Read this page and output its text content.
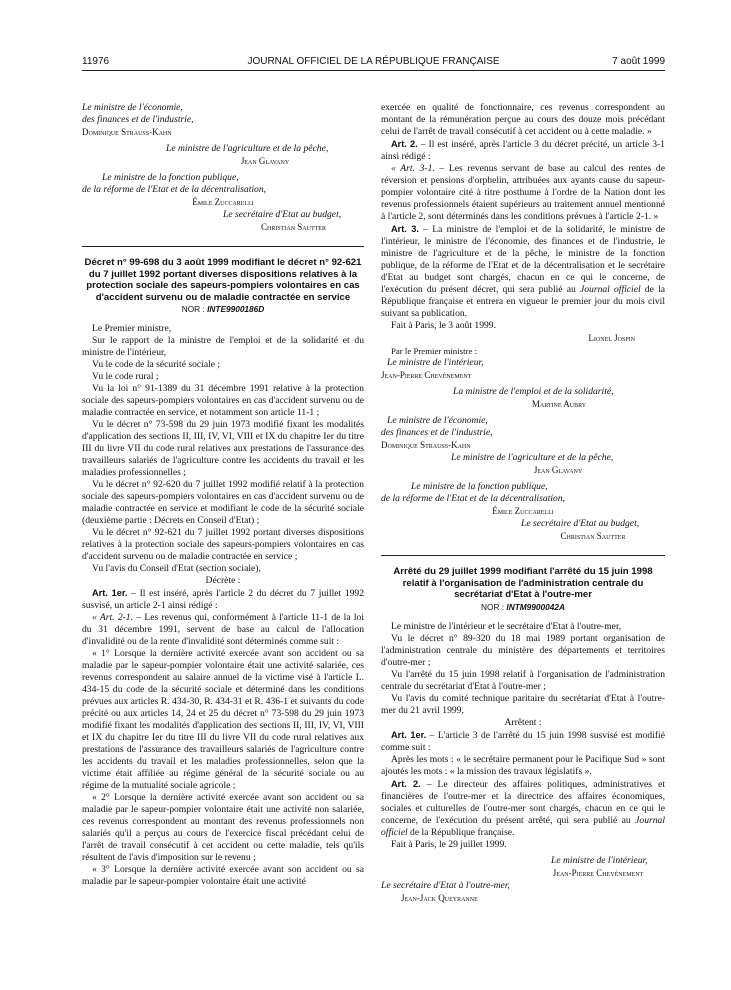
11976	JOURNAL OFFICIEL DE LA RÉPUBLIQUE FRANÇAISE	7 août 1999

Le ministre de l'économie,

des finances et de l'industrie,

Dominique Strauss-Kahn

Le ministre de l'agriculture et de la pêche,

Jean Glavany

Le ministre de la fonction publique,

de la réforme de l'Etat et de la décentralisation,

Émile Zuccarelli

Le secrétaire d'Etat au budget,

Christian Sautter

Décret n° 99-698 du 3 août 1999 modifiant le décret n° 92-621 du 7 juillet 1992 portant diverses dispositions relatives à la protection sociale des sapeurs-pompiers volontaires en cas d'accident survenu ou de maladie contractée en service

NOR : INTE9900186D

Le Premier ministre,

Sur le rapport de la ministre de l'emploi et de la solidarité et du ministre de l'intérieur,

Vu le code de la sécurité sociale ;

Vu le code rural ;

Vu la loi n° 91-1389 du 31 décembre 1991 relative à la protection sociale des sapeurs-pompiers volontaires en cas d'accident survenu ou de maladie contractée en service, et notamment son article 11-1 ;

Vu le décret n° 73-598 du 29 juin 1973 modifié fixant les modalités d'application des sections II, III, IV, VI, VIII et IX du chapitre Ier du titre III du livre VII du code rural relatives aux prestations de l'assurance des travailleurs salariés de l'agriculture contre les accidents du travail et les maladies professionnelles ;

Vu le décret n° 92-620 du 7 juillet 1992 modifié relatif à la protection sociale des sapeurs-pompiers volontaires en cas d'accident survenu ou de maladie contractée en service et modifiant le code de la sécurité sociale (deuxième partie : Décrets en Conseil d'Etat) ;

Vu le décret n° 92-621 du 7 juillet 1992 portant diverses dispositions relatives à la protection sociale des sapeurs-pompiers volontaires en cas d'accident survenu ou de maladie contractée en service ;

Vu l'avis du Conseil d'Etat (section sociale),

Décrète :

Art. 1er. – Il est inséré, après l'article 2 du décret du 7 juillet 1992 susvisé, un article 2-1 ainsi rédigé :

« Art. 2-1. – Les revenus qui, conformément à l'article 11-1 de la loi du 31 décembre 1991, servent de base au calcul de l'allocation d'invalidité ou de la rente d'invalidité sont déterminés comme suit :

« 1° Lorsque la dernière activité exercée avant son accident ou sa maladie par le sapeur-pompier volontaire était une activité salariée, ces revenus correspondent au salaire annuel de la victime visé à l'article L. 434-15 du code de la sécurité sociale et déterminé dans les conditions prévues aux articles R. 434-30, R. 434-31 et R. 436-1 et suivants du code précité ou aux articles 14, 24 et 25 du décret n° 73-598 du 29 juin 1973 modifié fixant les modalités d'application des sections II, III, IV, VI, VIII et IX du chapitre Ier du titre III du livre VII du code rural relatives aux prestations de l'assurance des travailleurs salariés de l'agriculture contre les accidents du travail et les maladies professionnelles, selon que la victime était affiliée au régime général de la sécurité sociale ou au régime de la mutualité sociale agricole ;

« 2° Lorsque la dernière activité exercée avant son accident ou sa maladie par le sapeur-pompier volontaire était une activité non salariée, ces revenus correspondent au montant des revenus professionnels non salariés qu'il a perçus au cours de l'exercice fiscal précédant celui de l'arrêt de travail consécutif à cet accident ou cette maladie, tels qu'ils résultent de l'avis d'imposition sur le revenu ;

« 3° Lorsque la dernière activité exercée avant son accident ou sa maladie par le sapeur-pompier volontaire était une activité

exercée en qualité de fonctionnaire, ces revenus correspondent au montant de la rémunération perçue au cours des douze mois précédant celui de l'arrêt de travail consécutif à cet accident ou à cette maladie. »

Art. 2. – Il est inséré, après l'article 3 du décret précité, un article 3-1 ainsi rédigé :

« Art. 3-1. – Les revenus servant de base au calcul des rentes de réversion et pensions d'orphelin, attribuées aux ayants cause du sapeur-pompier volontaire cité à titre posthume à l'ordre de la Nation dont les revenus professionnels étaient supérieurs au traitement annuel mentionné à l'article 2, sont déterminés dans les conditions prévues à l'article 2-1. »

Art. 3. – La ministre de l'emploi et de la solidarité, le ministre de l'intérieur, le ministre de l'économie, des finances et de l'industrie, le ministre de l'agriculture et de la pêche, le ministre de la fonction publique, de la réforme de l'Etat et de la décentralisation et le secrétaire d'Etat au budget sont chargés, chacun en ce qui le concerne, de l'exécution du présent décret, qui sera publié au Journal officiel de la République française et entrera en vigueur le premier jour du mois civil suivant sa publication.

Fait à Paris, le 3 août 1999.

Lionel Jospin

Par le Premier ministre :

Le ministre de l'intérieur,

Jean-Pierre Chevènement

La ministre de l'emploi et de la solidarité,

Martine Aubry

Le ministre de l'économie,

des finances et de l'industrie,

Dominique Strauss-Kahn

Le ministre de l'agriculture et de la pêche,

Jean Glavany

Le ministre de la fonction publique,

de la réforme de l'Etat et de la décentralisation,

Émile Zuccarelli

Le secrétaire d'Etat au budget,

Christian Sautter

Arrêté du 29 juillet 1999 modifiant l'arrêté du 15 juin 1998 relatif à l'organisation de l'administration centrale du secrétariat d'Etat à l'outre-mer

NOR : INTM9900042A

Le ministre de l'intérieur et le secrétaire d'Etat à l'outre-mer,

Vu le décret n° 89-320 du 18 mai 1989 portant organisation de l'administration centrale du ministère des départements et territoires d'outre-mer ;

Vu l'arrêté du 15 juin 1998 relatif à l'organisation de l'administration centrale du secrétariat d'Etat à l'outre-mer ;

Vu l'avis du comité technique paritaire du secrétariat d'Etat à l'outre-mer du 21 avril 1999,

Arrêtent :

Art. 1er. – L'article 3 de l'arrêté du 15 juin 1998 susvisé est modifié comme suit :

Après les mots : « le secrétaire permanent pour le Pacifique Sud » sont ajoutés les mots : « la mission des travaux législatifs ».

Art. 2. – Le directeur des affaires politiques, administratives et financières de l'outre-mer et la directrice des affaires économiques, sociales et culturelles de l'outre-mer sont chargés, chacun en ce qui le concerne, de l'exécution du présent arrêté, qui sera publié au Journal officiel de la République française.

Fait à Paris, le 29 juillet 1999.

Le ministre de l'intérieur,

Jean-Pierre Chevènement

Le secrétaire d'Etat à l'outre-mer,

Jean-Jack Queyranne
